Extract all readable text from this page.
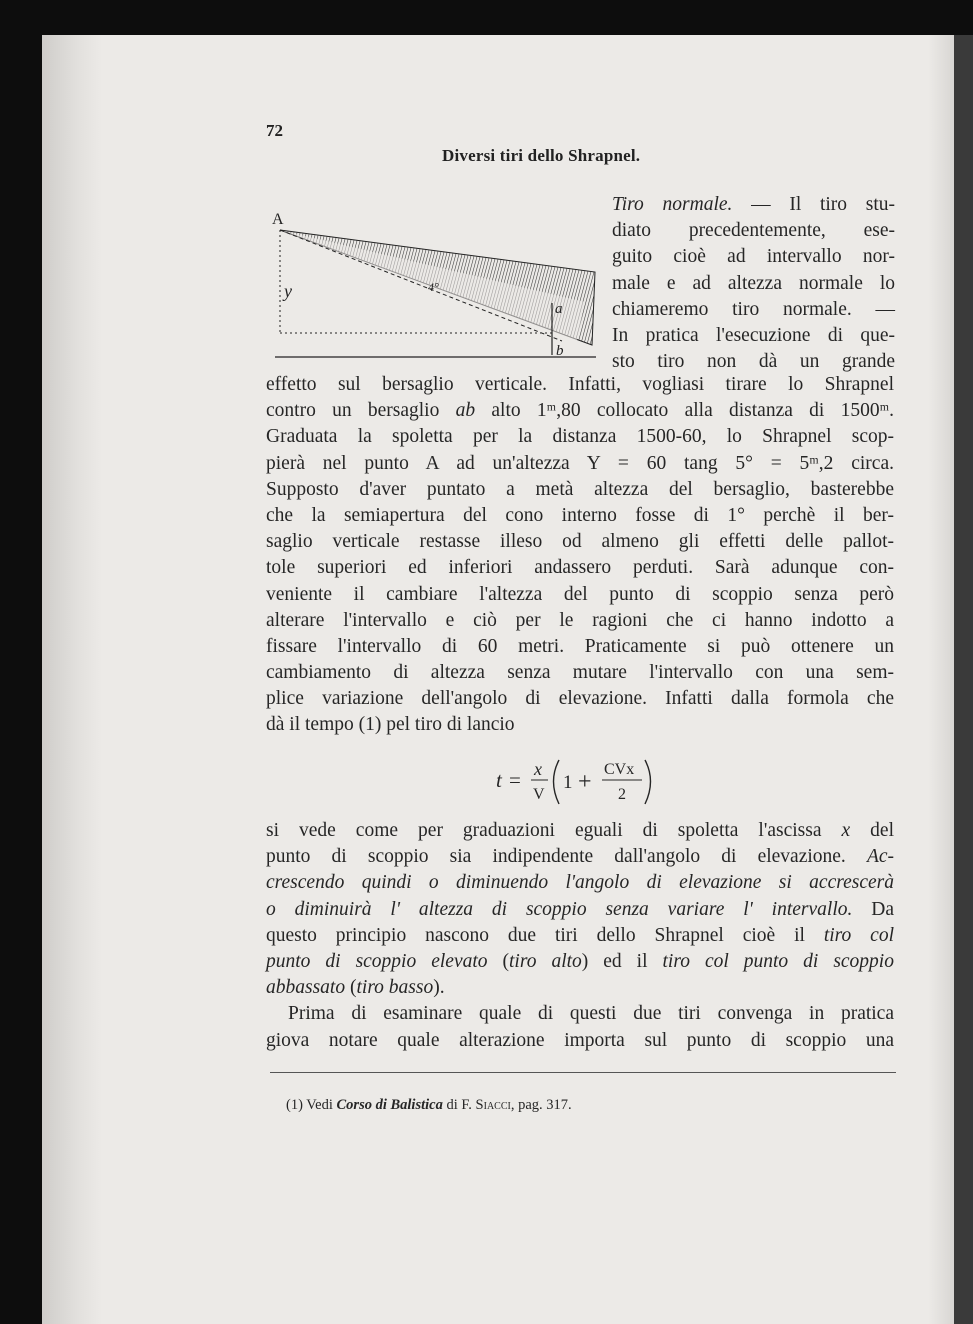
72
Diversi tiri dello Shrapnel.
A
y	4°
a
b
Tiro normale. — Il tiro stu-
diato precedentemente, ese-
guito cioè ad intervallo nor-
male e ad altezza normale lo
chiameremo tiro normale. —
In pratica l'esecuzione di que-
sto tiro non dà un grande
effetto sul bersaglio verticale. Infatti, vogliasi tirare lo Shrapnel
contro un bersaglio ab alto 1ᵐ,80 collocato alla distanza di 1500ᵐ.
Graduata la spoletta per la distanza 1500-60, lo Shrapnel scop-
pierà nel punto A ad un'altezza Y = 60 tang 5° = 5ᵐ,2 circa.
Supposto d'aver puntato a metà altezza del bersaglio, basterebbe
che la semiapertura del cono interno fosse di 1° perchè il ber-
saglio verticale restasse illeso od almeno gli effetti delle pallot-
tole superiori ed inferiori andassero perduti. Sarà adunque con-
veniente il cambiare l'altezza del punto di scoppio senza però
alterare l'intervallo e ciò per le ragioni che ci hanno indotto a
fissare l'intervallo di 60 metri. Praticamente si può ottenere un
cambiamento di altezza senza mutare l'intervallo con una sem-
plice variazione dell'angolo di elevazione. Infatti dalla formola che
dà il tempo (1) pel tiro di lancio
t = x
V
1 + CVx
2
si vede come per graduazioni eguali di spoletta l'ascissa x del
punto di scoppio sia indipendente dall'angolo di elevazione. Ac-
crescendo quindi o diminuendo l'angolo di elevazione si accrescerà
o diminuirà l' altezza di scoppio senza variare l' intervallo. Da
questo principio nascono due tiri dello Shrapnel cioè il tiro col
punto di scoppio elevato (tiro alto) ed il tiro col punto di scoppio
abbassato (tiro basso).
Prima di esaminare quale di questi due tiri convenga in pratica
giova notare quale alterazione importa sul punto di scoppio una
(1) Vedi Corso di Balistica di F. Siacci, pag. 317.
